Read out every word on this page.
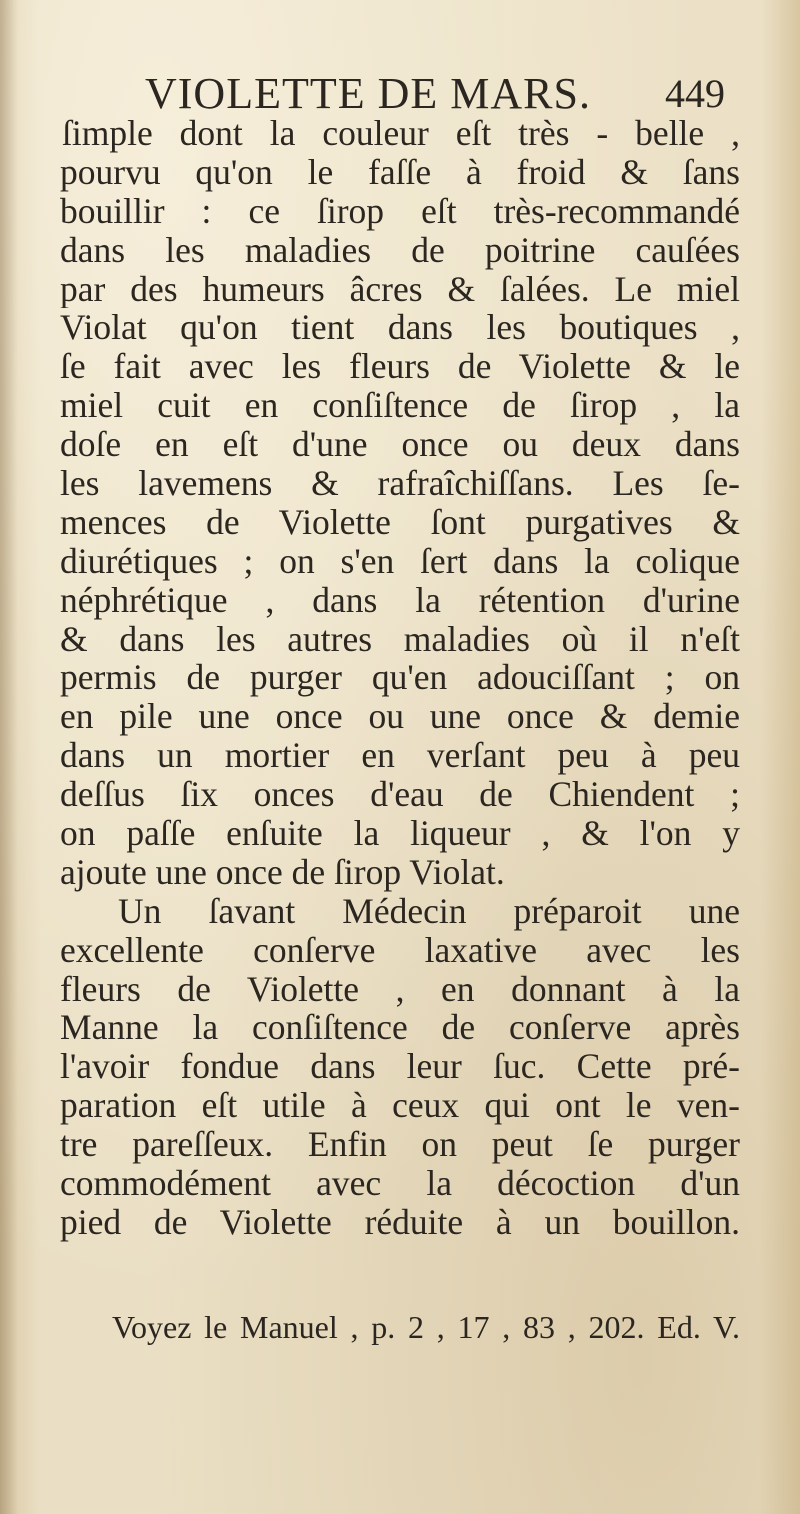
VIOLETTE DE MARS. 449
ſimple dont la couleur eſt très - belle ,
pourvu qu'on le faſſe à froid & ſans
bouillir : ce ſirop eſt très-recommandé
dans les maladies de poitrine cauſées
par des humeurs âcres & ſalées. Le miel
Violat qu'on tient dans les boutiques ,
ſe fait avec les fleurs de Violette & le
miel cuit en conſiſtence de ſirop , la
doſe en eſt d'une once ou deux dans
les lavemens & rafraîchiſſans. Les ſe-
mences de Violette ſont purgatives &
diurétiques ; on s'en ſert dans la colique
néphrétique , dans la rétention d'urine
& dans les autres maladies où il n'eſt
permis de purger qu'en adouciſſant ; on
en pile une once ou une once & demie
dans un mortier en verſant peu à peu
deſſus ſix onces d'eau de Chiendent ;
on paſſe enſuite la liqueur , & l'on y
ajoute une once de ſirop Violat.
Un ſavant Médecin préparoit une
excellente conſerve laxative avec les
fleurs de Violette , en donnant à la
Manne la conſiſtence de conſerve après
l'avoir fondue dans leur ſuc. Cette pré-
paration eſt utile à ceux qui ont le ven-
tre pareſſeux. Enfin on peut ſe purger
commodément avec la décoction d'un
pied de Violette réduite à un bouillon.
Voyez le Manuel , p. 2 , 17 , 83 , 202. Ed. V.
